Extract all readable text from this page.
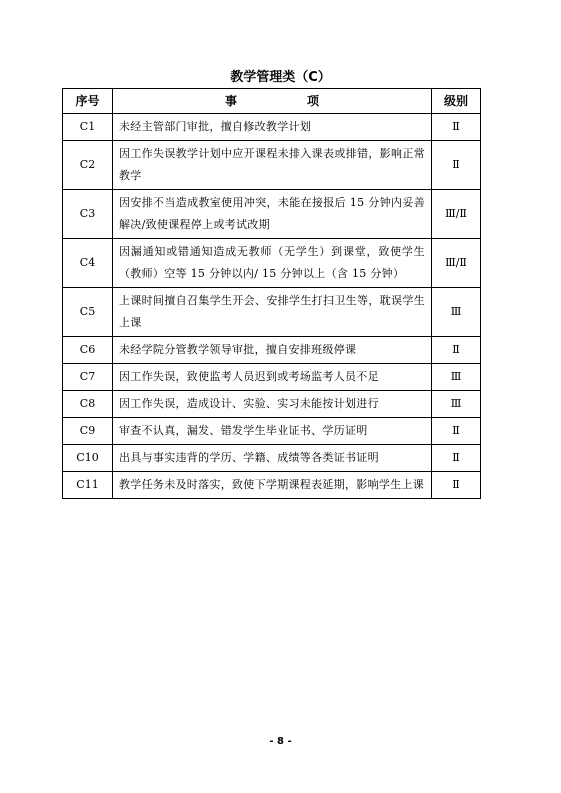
教学管理类（C）
序号	事 项	级别
C1	未经主管部门审批，擅自修改教学计划	Ⅱ
C2	因工作失误教学计划中应开课程未排入课表或排错，影响正常教学	Ⅱ
C3	因安排不当造成教室使用冲突，未能在接报后 15 分钟内妥善解决/致使课程停上或考试改期	Ⅲ/Ⅱ
C4	因漏通知或错通知造成无教师（无学生）到课堂，致使学生（教师）空等 15 分钟以内/ 15 分钟以上（含 15 分钟）	Ⅲ/Ⅱ
C5	上课时间擅自召集学生开会、安排学生打扫卫生等，耽误学生上课	Ⅲ
C6	未经学院分管教学领导审批，擅自安排班级停课	Ⅱ
C7	因工作失误，致使监考人员迟到或考场监考人员不足	Ⅲ
C8	因工作失误，造成设计、实验、实习未能按计划进行	Ⅲ
C9	审查不认真，漏发、错发学生毕业证书、学历证明	Ⅱ
C10	出具与事实违背的学历、学籍、成绩等各类证书证明	Ⅱ
C11	教学任务未及时落实，致使下学期课程表延期，影响学生上课	Ⅱ
- 8 -
